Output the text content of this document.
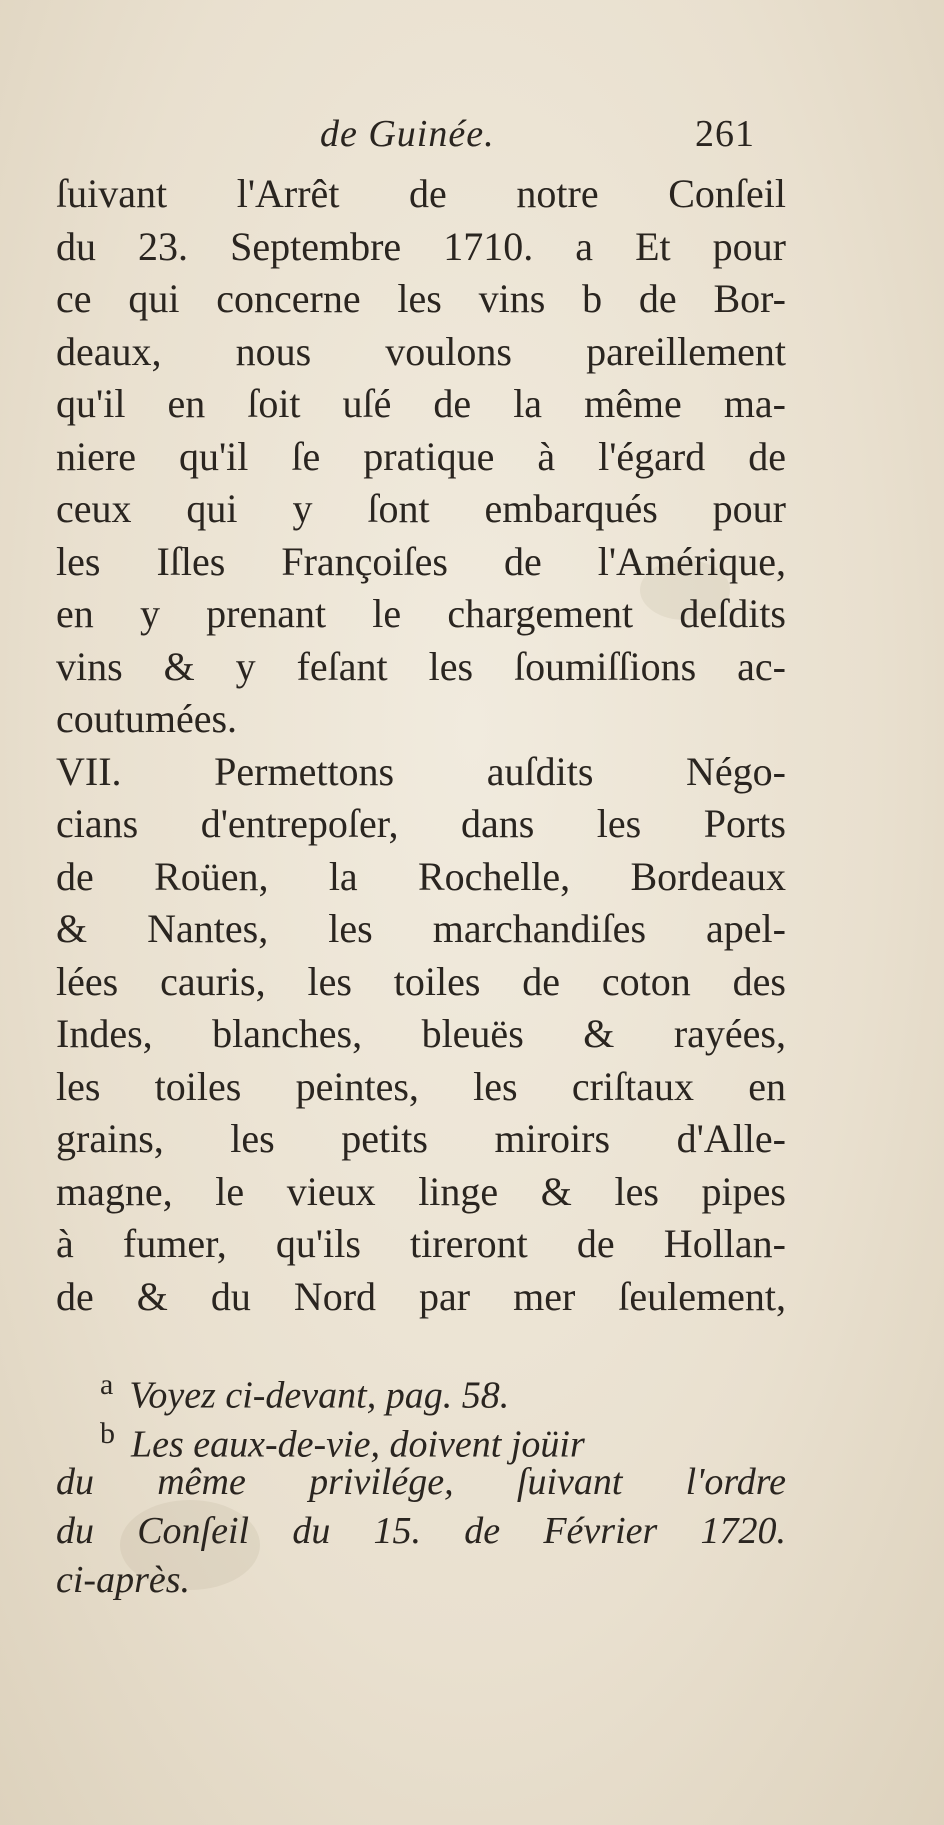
de Guinée.	261
ſuivant l'Arrêt de notre Conſeil
du 23. Septembre 1710. a Et pour
ce qui concerne les vins b de Bor-
deaux, nous voulons pareillement
qu'il en ſoit uſé de la même ma-
niere qu'il ſe pratique à l'égard de
ceux qui y ſont embarqués pour
les Iſles Françoiſes de l'Amérique,
en y prenant le chargement deſdits
vins & y feſant les ſoumiſſions ac-
coutumées.
VII. Permettons auſdits Négo-
cians d'entrepoſer, dans les Ports
de Roüen, la Rochelle, Bordeaux
& Nantes, les marchandiſes apel-
lées cauris, les toiles de coton des
Indes, blanches, bleuës & rayées,
les toiles peintes, les criſtaux en
grains, les petits miroirs d'Alle-
magne, le vieux linge & les pipes
à fumer, qu'ils tireront de Hollan-
de & du Nord par mer ſeulement,
$^a$ Voyez ci-devant, pag. 58.
$^b$ Les eaux-de-vie, doivent joüir
du même privilége, ſuivant l'ordre
du Conſeil du 15. de Février 1720.
ci-après.
